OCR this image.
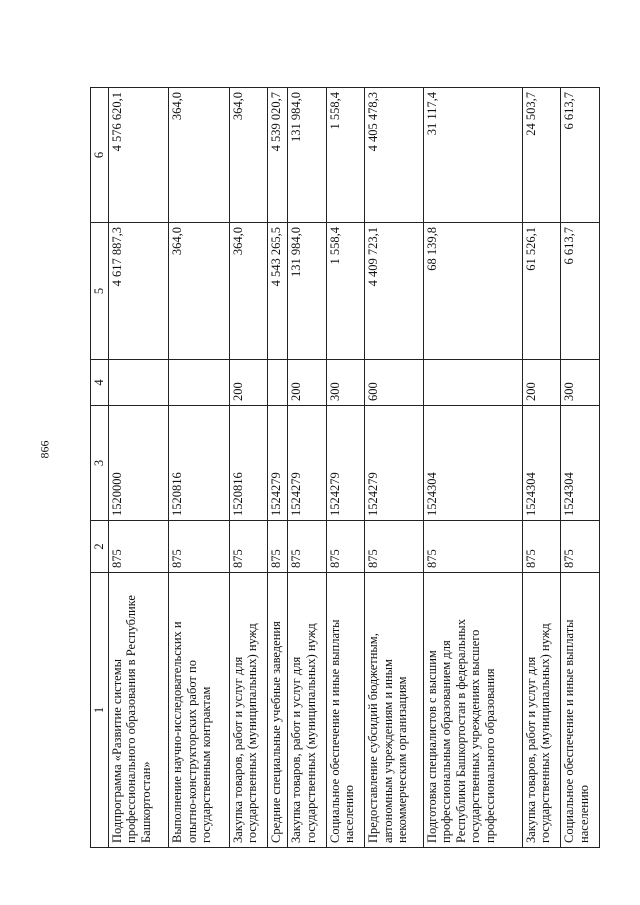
866
1	2	3	4	5	6
Подпрограмма «Развитие системы профессионального образования в Республике Башкортостан»	875	1520000		4 617 887,3	4 576 620,1
Выполнение научно-исследовательских и опытно-конструкторских работ по государственным контрактам	875	1520816		364,0	364,0
Закупка товаров, работ и услуг для государственных (муниципальных) нужд	875	1520816	200	364,0	364,0
Средние специальные учебные заведения	875	1524279		4 543 265,5	4 539 020,7
Закупка товаров, работ и услуг для государственных (муниципальных) нужд	875	1524279	200	131 984,0	131 984,0
Социальное обеспечение и иные выплаты населению	875	1524279	300	1 558,4	1 558,4
Предоставление субсидий бюджетным, автономным учреждениям и иным некоммерческим организациям	875	1524279	600	4 409 723,1	4 405 478,3
Подготовка специалистов с высшим профессиональным образованием для Республики Башкортостан в федеральных государственных учреждениях высшего профессионального образования	875	1524304		68 139,8	31 117,4
Закупка товаров, работ и услуг для государственных (муниципальных) нужд	875	1524304	200	61 526,1	24 503,7
Социальное обеспечение и иные выплаты населению	875	1524304	300	6 613,7	6 613,7
